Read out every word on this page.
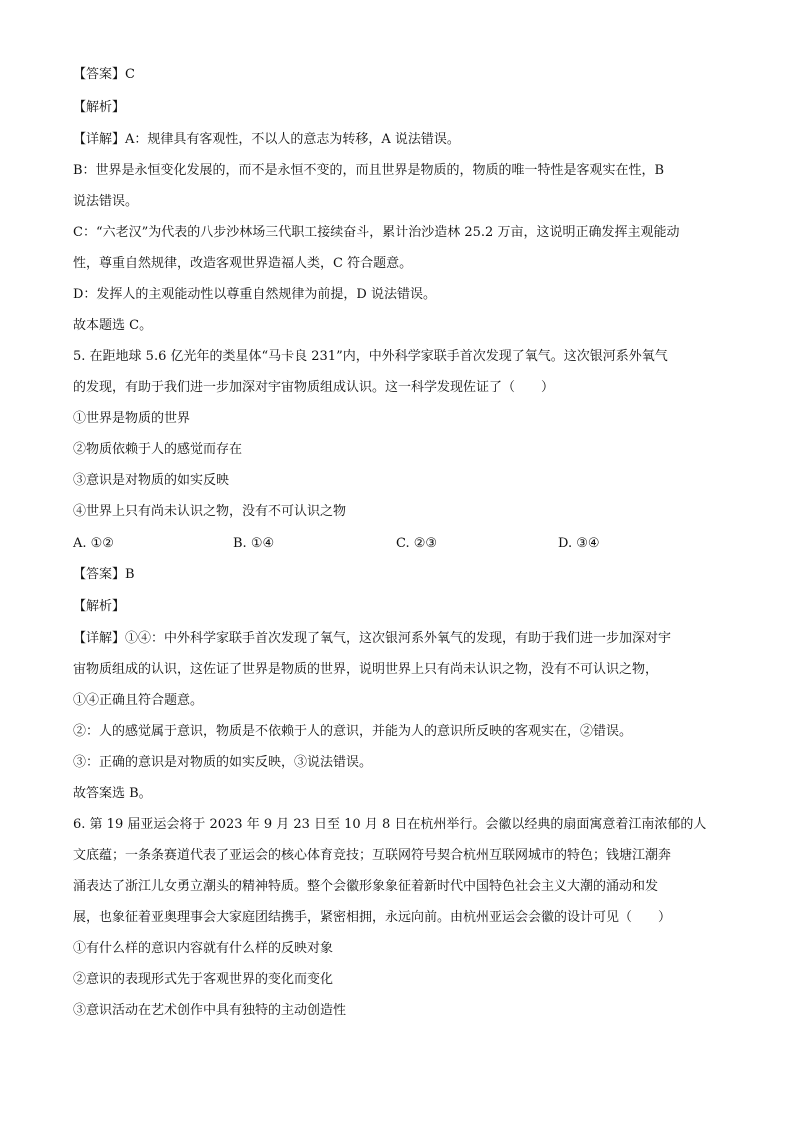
【答案】C
【解析】
【详解】A：规律具有客观性，不以人的意志为转移，A 说法错误。
B：世界是永恒变化发展的，而不是永恒不变的，而且世界是物质的，物质的唯一特性是客观实在性，B
说法错误。
C：“六老汉”为代表的八步沙林场三代职工接续奋斗，累计治沙造林 25.2 万亩，这说明正确发挥主观能动
性，尊重自然规律，改造客观世界造福人类，C 符合题意。
D：发挥人的主观能动性以尊重自然规律为前提，D 说法错误。
故本题选 C。
5. 在距地球 5.6 亿光年的类星体“马卡良 231”内，中外科学家联手首次发现了氧气。这次银河系外氧气
的发现，有助于我们进一步加深对宇宙物质组成认识。这一科学发现佐证了（　　）
①世界是物质的世界
②物质依赖于人的感觉而存在
③意识是对物质的如实反映
④世界上只有尚未认识之物，没有不可认识之物
A. ①②	B. ①④	C. ②③	D. ③④
【答案】B
【解析】
【详解】①④：中外科学家联手首次发现了氧气，这次银河系外氧气的发现，有助于我们进一步加深对宇
宙物质组成的认识，这佐证了世界是物质的世界，说明世界上只有尚未认识之物，没有不可认识之物，
①④正确且符合题意。
②：人的感觉属于意识，物质是不依赖于人的意识，并能为人的意识所反映的客观实在，②错误。
③：正确的意识是对物质的如实反映，③说法错误。
故答案选 B。
6. 第 19 届亚运会将于 2023 年 9 月 23 日至 10 月 8 日在杭州举行。会徽以经典的扇面寓意着江南浓郁的人
文底蕴；一条条赛道代表了亚运会的核心体育竞技；互联网符号契合杭州互联网城市的特色；钱塘江潮奔
涌表达了浙江儿女勇立潮头的精神特质。整个会徽形象象征着新时代中国特色社会主义大潮的涌动和发
展，也象征着亚奥理事会大家庭团结携手，紧密相拥，永远向前。由杭州亚运会会徽的设计可见（　　）
①有什么样的意识内容就有什么样的反映对象
②意识的表现形式先于客观世界的变化而变化
③意识活动在艺术创作中具有独特的主动创造性
